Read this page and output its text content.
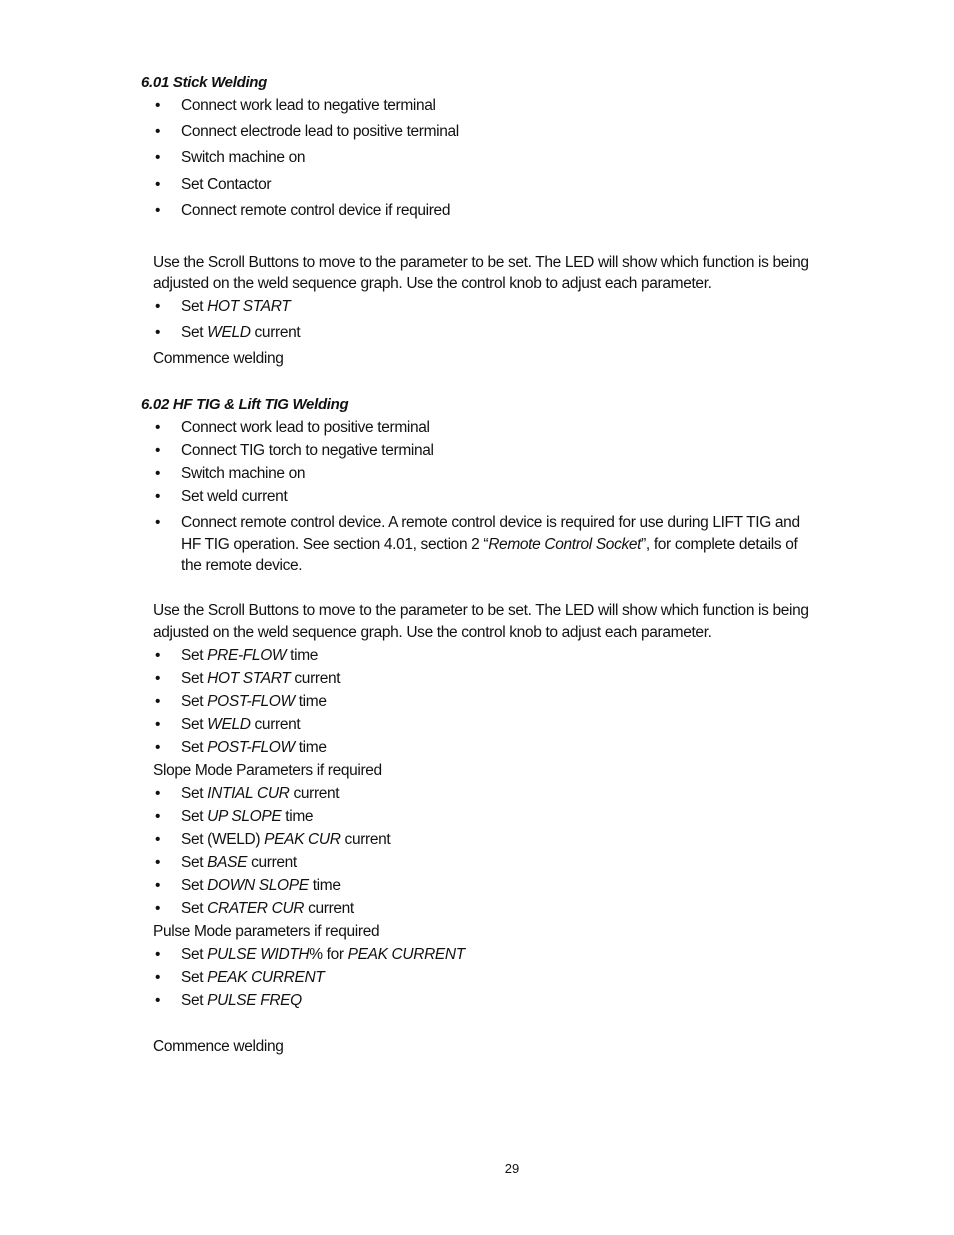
6.01 Stick Welding

• Connect work lead to negative terminal

• Connect electrode lead to positive terminal

• Switch machine on

• Set Contactor

• Connect remote control device if required

Use the Scroll Buttons to move to the parameter to be set. The LED will show which function is being

adjusted on the weld sequence graph. Use the control knob to adjust each parameter.

• Set HOT START

• Set WELD current

Commence welding

6.02 HF TIG & Lift TIG Welding

• Connect work lead to positive terminal

• Connect TIG torch to negative terminal

• Switch machine on

• Set weld current

• Connect remote control device. A remote control device is required for use during LIFT TIG and

HF TIG operation. See section 4.01, section 2 “Remote Control Socket”, for complete details of

the remote device.

Use the Scroll Buttons to move to the parameter to be set. The LED will show which function is being

adjusted on the weld sequence graph. Use the control knob to adjust each parameter.

• Set PRE-FLOW time

• Set HOT START current

• Set POST-FLOW time

• Set WELD current

• Set POST-FLOW time

Slope Mode Parameters if required

• Set INTIAL CUR current

• Set UP SLOPE time

• Set (WELD) PEAK CUR current

• Set BASE current

• Set DOWN SLOPE time

• Set CRATER CUR current

Pulse Mode parameters if required

• Set PULSE WIDTH% for PEAK CURRENT

• Set PEAK CURRENT

• Set PULSE FREQ

Commence welding

29
